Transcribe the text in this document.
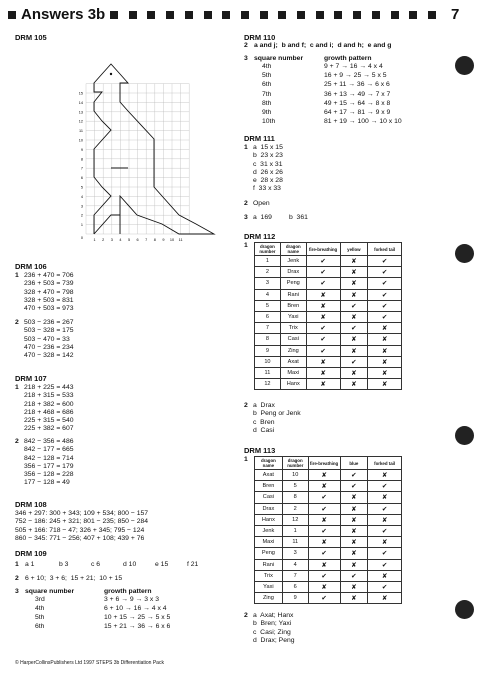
Answers 3b	7
DRM 105
1 2 3 4 5 6 7 8 9 10 11
1
2
3
4
5
6
7
8
9
10
11
12
13
14
15
0
DRM 106
1 236 + 470 = 706
236 + 503 = 739
328 + 470 = 798
328 + 503 = 831
470 + 503 = 973
2 503 − 236 = 267
503 − 328 = 175
503 − 470 = 33
470 − 236 = 234
470 − 328 = 142
DRM 107
1 218 + 225 = 443
218 + 315 = 533
218 + 382 = 600
218 + 468 = 686
225 + 315 = 540
225 + 382 = 607
2 842 − 356 = 486
842 − 177 = 665
842 − 128 = 714
356 − 177 = 179
356 − 128 = 228
177 − 128 = 49
DRM 108
346 + 297: 300 + 343; 109 + 534; 800 − 157
752 − 186: 245 + 321; 801 − 235; 850 − 284
505 + 166: 718 − 47; 326 + 345; 795 − 124
860 − 345: 771 − 256; 407 + 108; 439 + 76
DRM 109
1 a 1	b 3	c 6	d 10	e 15	f 21
2 6 + 10;  3 + 6;  15 + 21;  10 + 15
3 square number	growth pattern
3rd	3 + 6 → 9 → 3 x 3
4th	6 + 10 → 16 → 4 x 4
5th	10 + 15 → 25 → 5 x 5
6th	15 + 21 → 36 → 6 x 6
© HarperCollinsPublishers Ltd 1997 STEPS 3b Differentiation Pack
DRM 110
2 a and j;  b and f;  c and i;  d and h;  e and g
3 square number	growth pattern
4th	9 + 7 → 16 → 4 x 4
5th	16 + 9 → 25 → 5 x 5
6th	25 + 11 → 36 → 6 x 6
7th	36 + 13 → 49 → 7 x 7
8th	49 + 15 → 64 → 8 x 8
9th	64 + 17 → 81 → 9 x 9
10th	81 + 19 → 100 → 10 x 10
DRM 111
1 a  15 x 15
b  23 x 23
c  31 x 31
d  26 x 26
e  28 x 28
f  33 x 33
2 Open
3 a  169	b  361
DRM 112
1	dragon number	dragon name	fire-breathing	yellow	forked tail
1	Jenk	✔	✘	✔
2	Drax	✔	✘	✔
3	Peng	✔	✘	✔
4	Rani	✘	✘	✔
5	Bren	✘	✔	✔
6	Yaxi	✘	✘	✔
7	Trix	✔	✔	✘
8	Casi	✔	✘	✘
9	Zing	✔	✘	✘
10	Axat	✘	✔	✘
11	Maxi	✘	✘	✘
12	Hanx	✘	✘	✘
2 a  Drax
b  Peng or Jenk
c  Bren
d  Casi
DRM 113
1	dragon name	dragon number	fire-breathing	blue	forked tail
Axat	10	✘	✔	✘
Bren	5	✘	✔	✔
Casi	8	✔	✘	✘
Drax	2	✔	✘	✔
Hanx	12	✘	✘	✘
Jenk	1	✔	✘	✔
Maxi	11	✘	✘	✘
Peng	3	✔	✘	✔
Rani	4	✘	✘	✔
Trix	7	✔	✔	✘
Yaxi	6	✘	✘	✔
Zing	9	✔	✘	✘
2 a  Axat; Hanx
b  Bren; Yaxi
c  Casi; Zing
d  Drax; Peng
